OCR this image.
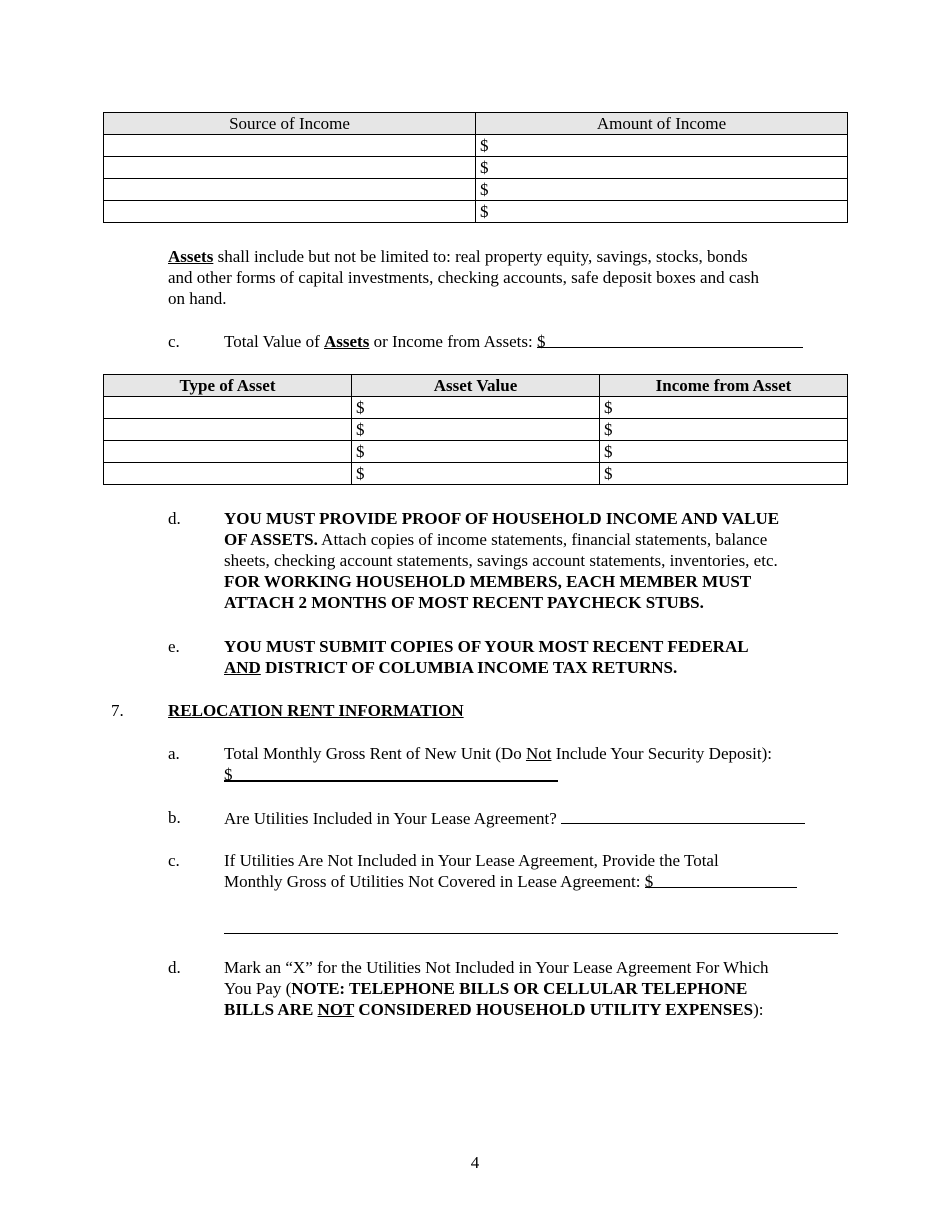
Source of Income	Amount of Income
	$
	$
	$
	$
Assets shall include but not be limited to: real property equity, savings, stocks, bonds
and other forms of capital investments, checking accounts, safe deposit boxes and cash
on hand.
c.	Total Value of Assets or Income from Assets: $
Type of Asset	Asset Value	Income from Asset
	$	$
	$	$
	$	$
	$	$
d.	YOU MUST PROVIDE PROOF OF HOUSEHOLD INCOME AND VALUE
OF ASSETS. Attach copies of income statements, financial statements, balance
sheets, checking account statements, savings account statements, inventories, etc.
FOR WORKING HOUSEHOLD MEMBERS, EACH MEMBER MUST
ATTACH 2 MONTHS OF MOST RECENT PAYCHECK STUBS.
e.	YOU MUST SUBMIT COPIES OF YOUR MOST RECENT FEDERAL
AND DISTRICT OF COLUMBIA INCOME TAX RETURNS.
7.	RELOCATION RENT INFORMATION
a.	Total Monthly Gross Rent of New Unit (Do Not Include Your Security Deposit):
$
b.	Are Utilities Included in Your Lease Agreement?
c.	If Utilities Are Not Included in Your Lease Agreement, Provide the Total
Monthly Gross of Utilities Not Covered in Lease Agreement: $
d.	Mark an “X” for the Utilities Not Included in Your Lease Agreement For Which
You Pay (NOTE: TELEPHONE BILLS OR CELLULAR TELEPHONE
BILLS ARE NOT CONSIDERED HOUSEHOLD UTILITY EXPENSES):
4
